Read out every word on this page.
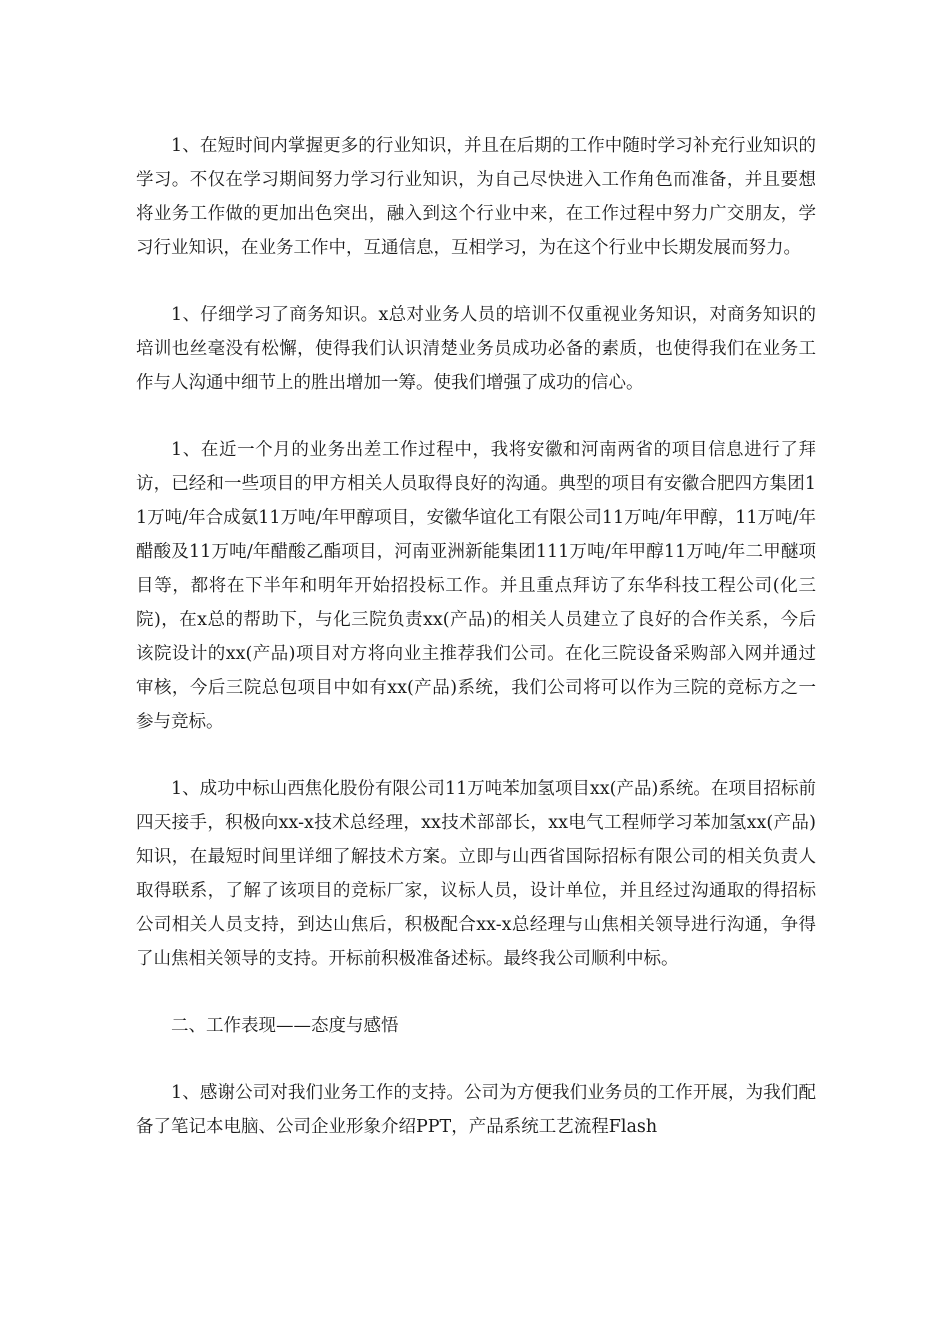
1、在短时间内掌握更多的行业知识，并且在后期的工作中随时学习补充行业知识的学习。不仅在学习期间努力学习行业知识，为自己尽快进入工作角色而准备，并且要想将业务工作做的更加出色突出，融入到这个行业中来，在工作过程中努力广交朋友，学习行业知识，在业务工作中，互通信息，互相学习，为在这个行业中长期发展而努力。

1、仔细学习了商务知识。x总对业务人员的培训不仅重视业务知识，对商务知识的培训也丝毫没有松懈，使得我们认识清楚业务员成功必备的素质，也使得我们在业务工作与人沟通中细节上的胜出增加一筹。使我们增强了成功的信心。

1、在近一个月的业务出差工作过程中，我将安徽和河南两省的项目信息进行了拜访，已经和一些项目的甲方相关人员取得良好的沟通。典型的项目有安徽合肥四方集团11万吨/年合成氨11万吨/年甲醇项目，安徽华谊化工有限公司11万吨/年甲醇，11万吨/年醋酸及11万吨/年醋酸乙酯项目，河南亚洲新能集团111万吨/年甲醇11万吨/年二甲醚项目等，都将在下半年和明年开始招投标工作。并且重点拜访了东华科技工程公司(化三院)，在x总的帮助下，与化三院负责xx(产品)的相关人员建立了良好的合作关系，今后该院设计的xx(产品)项目对方将向业主推荐我们公司。在化三院设备采购部入网并通过审核，今后三院总包项目中如有xx(产品)系统，我们公司将可以作为三院的竞标方之一参与竞标。

1、成功中标山西焦化股份有限公司11万吨苯加氢项目xx(产品)系统。在项目招标前四天接手，积极向xx-x技术总经理，xx技术部部长，xx电气工程师学习苯加氢xx(产品)知识，在最短时间里详细了解技术方案。立即与山西省国际招标有限公司的相关负责人取得联系，了解了该项目的竞标厂家，议标人员，设计单位，并且经过沟通取的得招标公司相关人员支持，到达山焦后，积极配合xx-x总经理与山焦相关领导进行沟通，争得了山焦相关领导的支持。开标前积极准备述标。最终我公司顺利中标。

二、工作表现——态度与感悟

1、感谢公司对我们业务工作的支持。公司为方便我们业务员的工作开展，为我们配备了笔记本电脑、公司企业形象介绍PPT，产品系统工艺流程Flash
